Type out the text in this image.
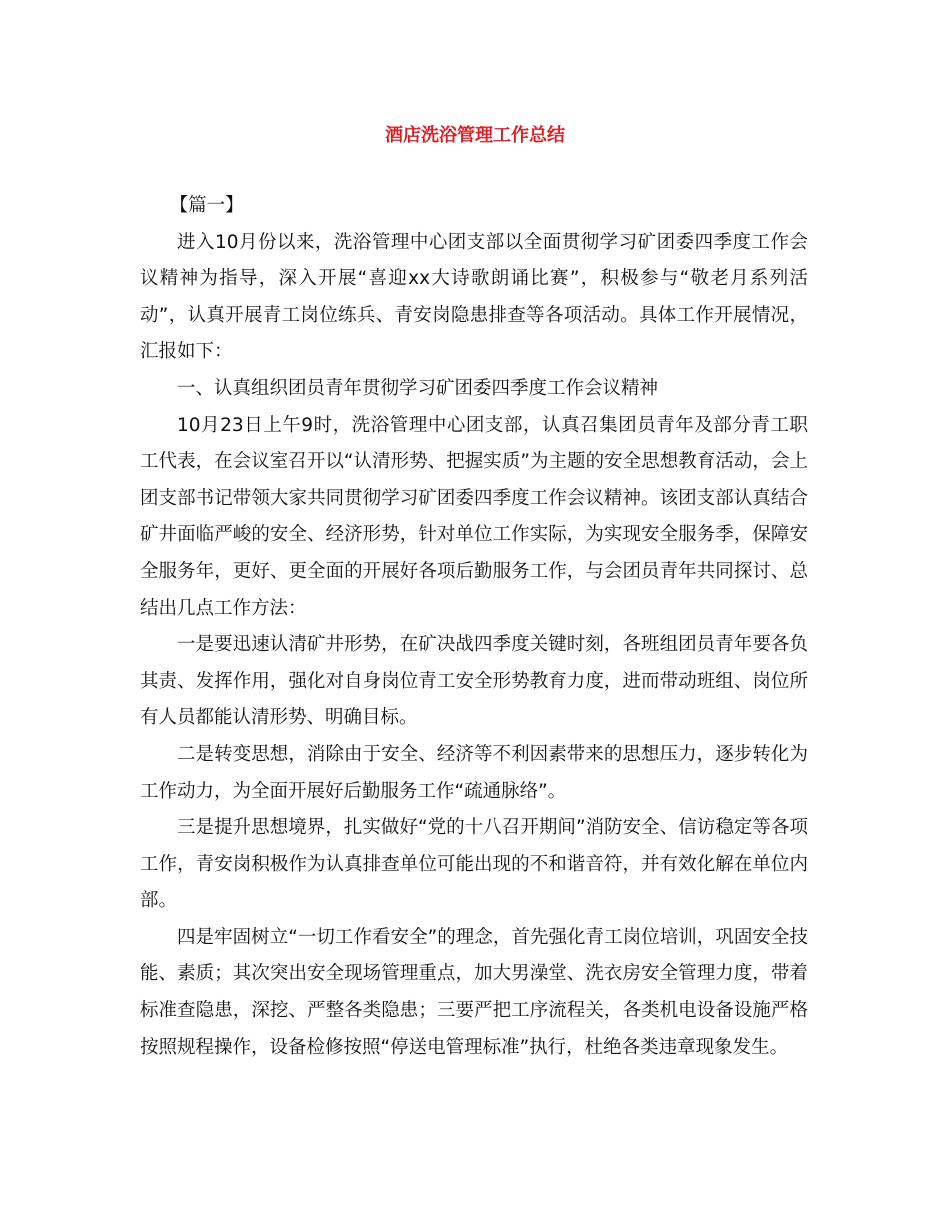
酒店洗浴管理工作总结

【篇一】

进入10月份以来，洗浴管理中心团支部以全面贯彻学习矿团委四季度工作会议精神为指导，深入开展“喜迎xx大诗歌朗诵比赛”，积极参与“敬老月系列活动”，认真开展青工岗位练兵、青安岗隐患排查等各项活动。具体工作开展情况，汇报如下：

一、认真组织团员青年贯彻学习矿团委四季度工作会议精神

10月23日上午9时，洗浴管理中心团支部，认真召集团员青年及部分青工职工代表，在会议室召开以“认清形势、把握实质”为主题的安全思想教育活动，会上团支部书记带领大家共同贯彻学习矿团委四季度工作会议精神。该团支部认真结合矿井面临严峻的安全、经济形势，针对单位工作实际，为实现安全服务季，保障安全服务年，更好、更全面的开展好各项后勤服务工作，与会团员青年共同探讨、总结出几点工作方法：

一是要迅速认清矿井形势，在矿决战四季度关键时刻，各班组团员青年要各负其责、发挥作用，强化对自身岗位青工安全形势教育力度，进而带动班组、岗位所有人员都能认清形势、明确目标。

二是转变思想，消除由于安全、经济等不利因素带来的思想压力，逐步转化为工作动力，为全面开展好后勤服务工作“疏通脉络”。

三是提升思想境界，扎实做好“党的十八召开期间”消防安全、信访稳定等各项工作，青安岗积极作为认真排查单位可能出现的不和谐音符，并有效化解在单位内部。

四是牢固树立“一切工作看安全”的理念，首先强化青工岗位培训，巩固安全技能、素质；其次突出安全现场管理重点，加大男澡堂、洗衣房安全管理力度，带着标准查隐患，深挖、严整各类隐患；三要严把工序流程关，各类机电设备设施严格按照规程操作，设备检修按照“停送电管理标准”执行，杜绝各类违章现象发生。
